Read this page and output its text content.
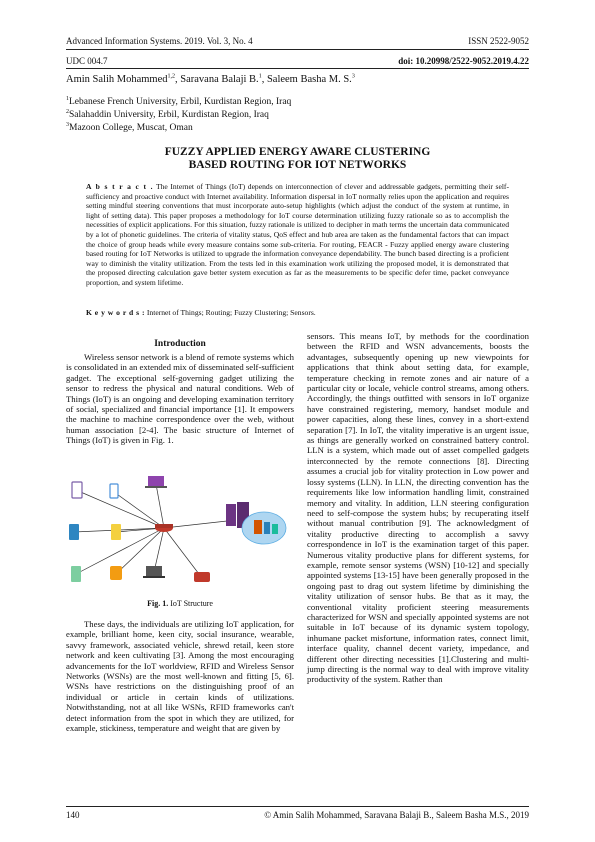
Advanced Information Systems. 2019. Vol. 3, No. 4	ISSN 2522-9052
UDC 004.7	doi: 10.20998/2522-9052.2019.4.22
Amin Salih Mohammed$^{1,2}$, Saravana Balaji B.$^1$, Saleem Basha M. S.$^3$
$^1$Lebanese French University, Erbil, Kurdistan Region, Iraq
$^2$Salahaddin University, Erbil, Kurdistan Region, Iraq
$^3$Mazoon College, Muscat, Oman
FUZZY APPLIED ENERGY AWARE CLUSTERING
BASED ROUTING FOR IOT NETWORKS
A b s t r a c t . The Internet of Things (IoT) depends on interconnection of clever and addressable gadgets, permitting their self-sufficiency and proactive conduct with Internet availability. Information dispersal in IoT normally relies upon the application and requires setting mindful steering conventions that must incorporate auto-setup highlights (which adjust the conduct of the system at runtime, in light of setting data). This paper proposes a methodology for IoT course determination utilizing fuzzy rationale so as to accomplish the necessities of explicit applications. For this situation, fuzzy rationale is utilized to decipher in math terms the uncertain data communicated by a lot of phonetic guidelines. The criteria of vitality status, QoS effect and hub area are taken as the fundamental factors that can impact the choice of group heads while every measure contains some sub-criteria. For routing, FEACR - Fuzzy applied energy aware clustering based routing for IoT Networks is utilized to upgrade the information conveyance dependability. The bunch based directing is a proficient way to diminish the vitality utilization. From the tests led in this examination work utilizing the proposed model, it is demonstrated that the proposed directing calculation gave better system execution as far as the measurements to be specific defer time, packet conveyance proportion, and system lifetime.
K e y w o r d s : Internet of Things; Routing; Fuzzy Clustering; Sensors.
Introduction
Wireless sensor network is a blend of remote systems which is consolidated in an extended mix of disseminated self-sufficient gadget. The exceptional self-governing gadget utilizing the sensor to redress the physical and natural conditions. Web of Things (IoT) is an ongoing and developing examination territory of social, specialized and financial importance [1]. It empowers the machine to machine correspondence over the web, without human association [2-4]. The basic structure of Internet of Things (IoT) is given in Fig. 1.
Fig. 1. IoT Structure
These days, the individuals are utilizing IoT application, for example, brilliant home, keen city, social insurance, wearable, savvy framework, associated vehicle, shrewd retail, keen store network and keen cultivating [3]. Among the most encouraging advancements for the IoT worldview, RFID and Wireless Sensor Networks (WSNs) are the most well-known and fitting [5, 6]. WSNs have restrictions on the distinguishing proof of an individual or article in certain kinds of utilizations. Notwithstanding, not at all like WSNs, RFID frameworks can't detect information from the spot in which they are utilized, for example, stickiness, temperature and weight that are given by
sensors. This means IoT, by methods for the coordination between the RFID and WSN advancements, boosts the advantages, subsequently opening up new viewpoints for applications that think about setting data, for example, temperature checking in remote zones and air nature of a particular city or locale, vehicle control streams, among others. Accordingly, the things outfitted with sensors in IoT organize have constrained registering, memory, handset module and power capacities, along these lines, convey in a short-extend separation [7]. In IoT, the vitality imperative is an urgent issue, as things are generally worked on constrained battery control. LLN is a system, which made out of asset compelled gadgets interconnected by the remote connections [8]. Directing assumes a crucial job for vitality protection in Low power and lossy systems (LLN). In LLN, the directing convention has the requirements like low information handling limit, constrained memory and vitality. In addition, LLN steering configuration need to self-compose the system hubs; by recuperating itself without manual contribution [9]. The acknowledgment of vitality productive directing to accomplish a savvy correspondence in IoT is the examination target of this paper. Numerous vitality productive plans for different systems, for example, remote sensor systems (WSN) [10-12] and specially appointed systems [13-15] have been generally proposed in the ongoing past to drag out system lifetime by diminishing the vitality utilization of sensor hubs. Be that as it may, the conventional vitality proficient steering measurements characterized for WSN and specially appointed systems are not suitable in IoT because of its dynamic system topology, inhumane packet misfortune, information rates, connect limit, interface quality, channel decent variety, impedance, and different other directing necessities [1].Clustering and multi-jump directing is the normal way to deal with improve vitality productivity of the system. Rather than
140	© Amin Salih Mohammed, Saravana Balaji B., Saleem Basha M.S., 2019
